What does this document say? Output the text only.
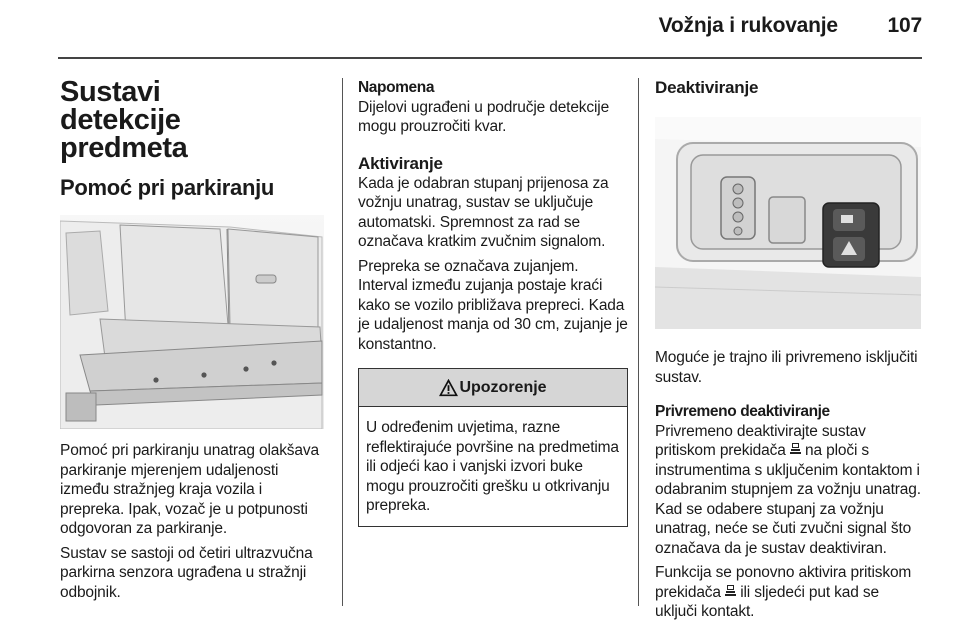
Vožnja i rukovanje 107
Sustavi detekcije predmeta
Pomoć pri parkiranju

Pomoć pri parkiranju unatrag olakšava parkiranje mjerenjem udaljenosti između stražnjeg kraja vozila i prepreka. Ipak, vozač je u potpunosti odgovoran za parkiranje.

Sustav se sastoji od četiri ultrazvučna parkirna senzora ugrađena u stražnji odbojnik.

Napomena

Dijelovi ugrađeni u područje detekcije mogu prouzročiti kvar.

Aktiviranje

Kada je odabran stupanj prijenosa za vožnju unatrag, sustav se uključuje automatski. Spremnost za rad se označava kratkim zvučnim signalom.

Prepreka se označava zujanjem. Interval između zujanja postaje kraći kako se vozilo približava prepreci. Kada je udaljenost manja od 30 cm, zujanje je konstantno.

Upozorenje

U određenim uvjetima, razne reflektirajuće površine na predmetima ili odjeći kao i vanjski izvori buke mogu prouzročiti grešku u otkrivanju prepreka.

Deaktiviranje

Moguće je trajno ili privremeno isključiti sustav.

Privremeno deaktiviranje

Privremeno deaktivirajte sustav pritiskom prekidača na ploči s instrumentima s uključenim kontaktom i odabranim stupnjem za vožnju unatrag. Kad se odabere stupanj za vožnju unatrag, neće se čuti zvučni signal što označava da je sustav deaktiviran.

Funkcija se ponovno aktivira pritiskom prekidača ili sljedeći put kad se uključi kontakt.
